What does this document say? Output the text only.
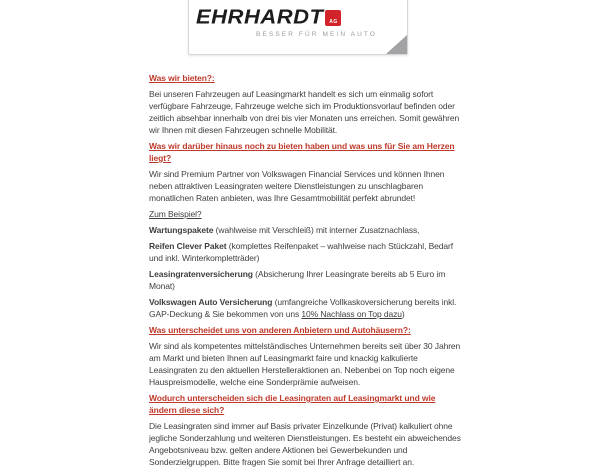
EHRHARDT AG
BESSER FÜR MEIN AUTO
Was wir bieten?:
Bei unseren Fahrzeugen auf Leasingmarkt handelt es sich um einmalig sofort verfügbare Fahrzeuge, Fahrzeuge welche sich im Produktionsvorlauf befinden oder zeitlich absehbar innerhalb von drei bis vier Monaten uns erreichen. Somit gewähren wir Ihnen mit diesen Fahrzeugen schnelle Mobilität.
Was wir darüber hinaus noch zu bieten haben und was uns für Sie am Herzen liegt?
Wir sind Premium Partner von Volkswagen Financial Services und können Ihnen neben attraktiven Leasingraten weitere Dienstleistungen zu unschlagbaren monatlichen Raten anbieten, was Ihre Gesamtmobilität perfekt abrundet!
Zum Beispiel?
Wartungspakete (wahlweise mit Verschleiß) mit interner Zusatznachlass,
Reifen Clever Paket (komplettes Reifenpaket – wahlweise nach Stückzahl, Bedarf und inkl. Winterkompletträder)
Leasingratenversicherung (Absicherung Ihrer Leasingrate bereits ab 5 Euro im Monat)
Volkswagen Auto Versicherung (umfangreiche Vollkaskoversicherung bereits inkl. GAP-Deckung & Sie bekommen von uns 10% Nachlass on Top dazu)
Was unterscheidet uns von anderen Anbietern und Autohäusern?:
Wir sind als kompetentes mittelständisches Unternehmen bereits seit über 30 Jahren am Markt und bieten Ihnen auf Leasingmarkt faire und knackig kalkulierte Leasingraten zu den aktuellen Herstelleraktionen an. Nebenbei on Top noch eigene Hauspreismodelle, welche eine Sonderprämie aufweisen.
Wodurch unterscheiden sich die Leasingraten auf Leasingmarkt und wie ändern diese sich?
Die Leasingraten sind immer auf Basis privater Einzelkunde (Privat) kalkuliert ohne jegliche Sonderzahlung und weiteren Dienstleistungen. Es besteht ein abweichendes Angebotsniveau bzw. gelten andere Aktionen bei Gewerbekunden und Sonderzielgruppen. Bitte fragen Sie somit bei Ihrer Anfrage detailliert an.
